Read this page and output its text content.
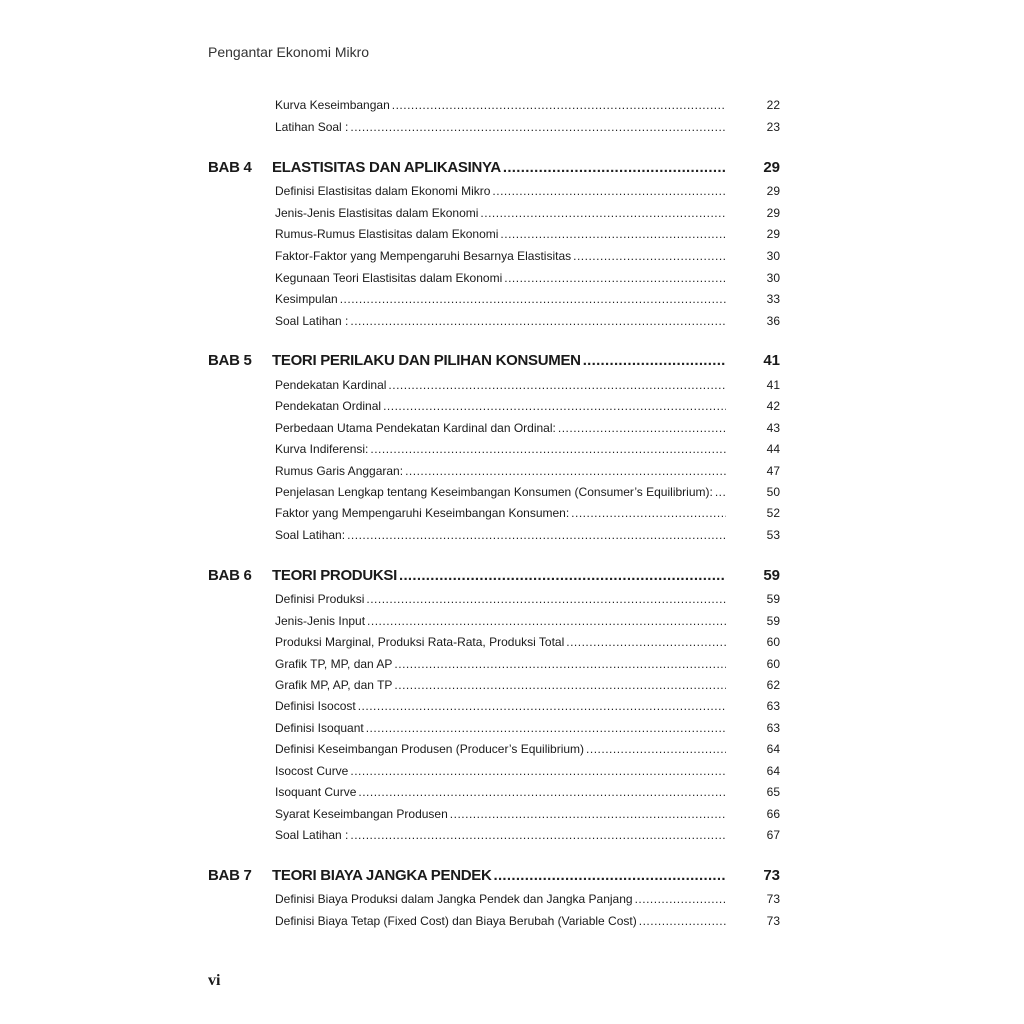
Pengantar Ekonomi Mikro
Kurva Keseimbangan .....	22
Latihan Soal : .....	23
BAB 4 ELASTISITAS DAN APLIKASINYA .....	29
Definisi Elastisitas dalam Ekonomi Mikro .....	29
Jenis-Jenis Elastisitas dalam Ekonomi .....	29
Rumus-Rumus Elastisitas dalam Ekonomi .....	29
Faktor-Faktor yang Mempengaruhi Besarnya Elastisitas .....	30
Kegunaan Teori Elastisitas dalam Ekonomi .....	30
Kesimpulan .....	33
Soal Latihan : .....	36
BAB 5 TEORI PERILAKU DAN PILIHAN KONSUMEN .....	41
Pendekatan Kardinal .....	41
Pendekatan Ordinal .....	42
Perbedaan Utama Pendekatan Kardinal dan Ordinal: .....	43
Kurva Indiferensi: .....	44
Rumus Garis Anggaran: .....	47
Penjelasan Lengkap tentang Keseimbangan Konsumen (Consumer’s Equilibrium): .....	50
Faktor yang Mempengaruhi Keseimbangan Konsumen: .....	52
Soal Latihan: .....	53
BAB 6 TEORI PRODUKSI .....	59
Definisi Produksi .....	59
Jenis-Jenis Input .....	59
Produksi Marginal, Produksi Rata-Rata, Produksi Total .....	60
Grafik TP, MP, dan AP .....	60
Grafik MP, AP, dan TP .....	62
Definisi Isocost .....	63
Definisi Isoquant .....	63
Definisi Keseimbangan Produsen (Producer’s Equilibrium) .....	64
Isocost Curve .....	64
Isoquant Curve .....	65
Syarat Keseimbangan Produsen .....	66
Soal Latihan : .....	67
BAB 7 TEORI BIAYA JANGKA PENDEK .....	73
Definisi Biaya Produksi dalam Jangka Pendek dan Jangka Panjang .....	73
Definisi Biaya Tetap (Fixed Cost) dan Biaya Berubah (Variable Cost) .....	73
vi
